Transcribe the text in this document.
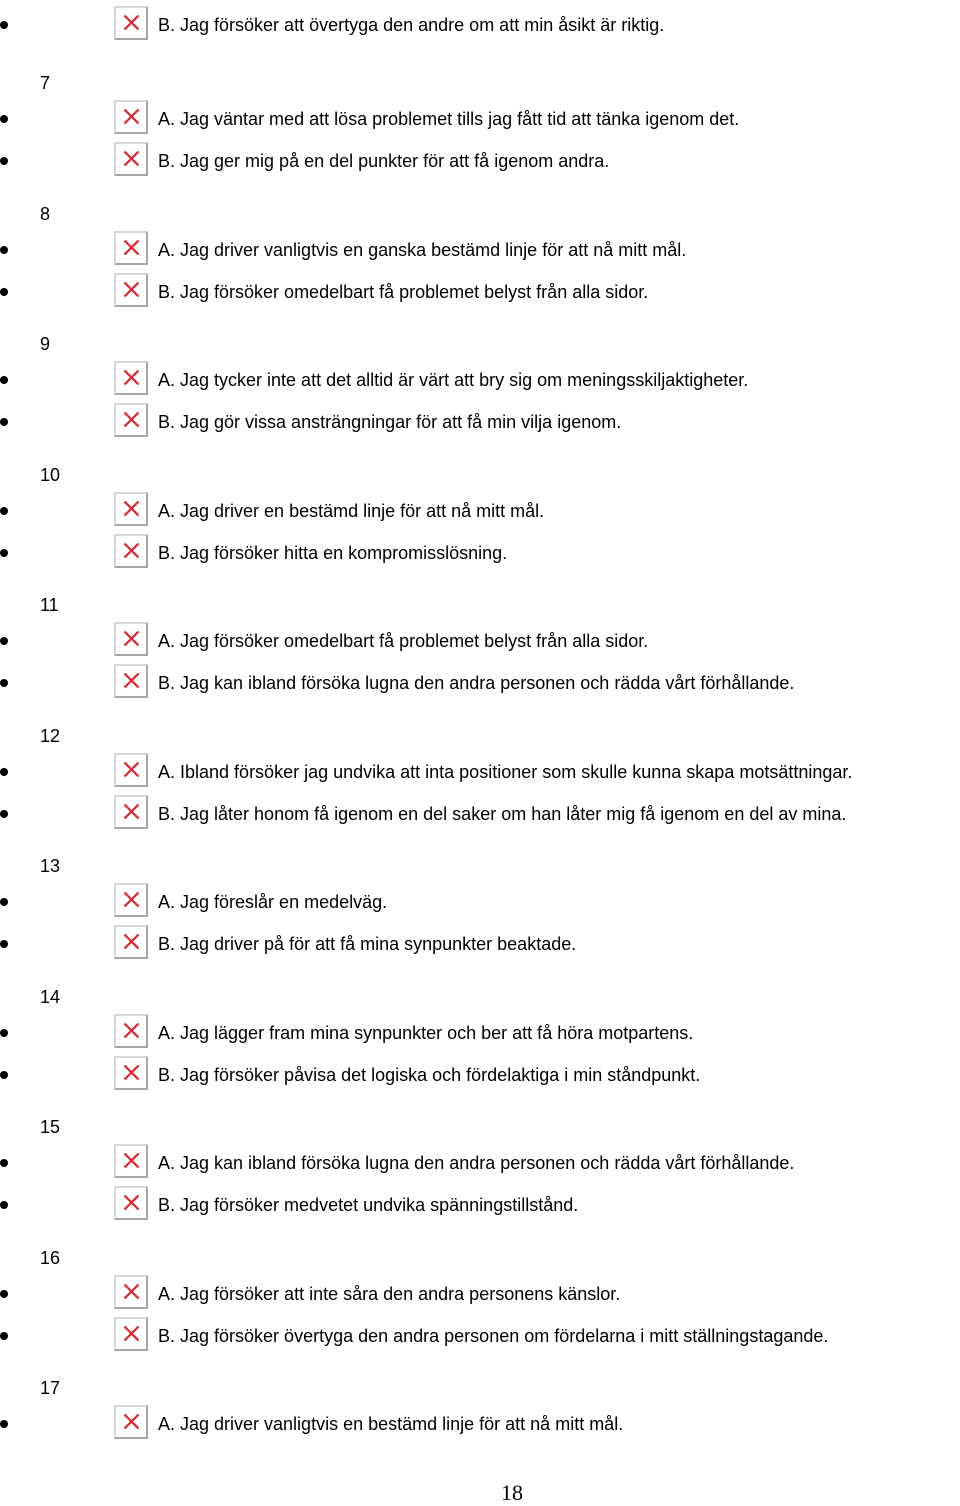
B. Jag försöker att övertyga den andre om att min åsikt är riktig.
7
A. Jag väntar med att lösa problemet tills jag fått tid att tänka igenom det.
B. Jag ger mig på en del punkter för att få igenom andra.
8
A. Jag driver vanligtvis en ganska bestämd linje för att nå mitt mål.
B. Jag försöker omedelbart få problemet belyst från alla sidor.
9
A. Jag tycker inte att det alltid är värt att bry sig om meningsskiljaktigheter.
B. Jag gör vissa ansträngningar för att få min vilja igenom.
10
A. Jag driver en bestämd linje för att nå mitt mål.
B. Jag försöker hitta en kompromisslösning.
11
A. Jag försöker omedelbart få problemet belyst från alla sidor.
B. Jag kan ibland försöka lugna den andra personen och rädda vårt förhållande.
12
A. Ibland försöker jag undvika att inta positioner som skulle kunna skapa motsättningar.
B. Jag låter honom få igenom en del saker om han låter mig få igenom en del av mina.
13
A. Jag föreslår en medelväg.
B. Jag driver på för att få mina synpunkter beaktade.
14
A. Jag lägger fram mina synpunkter och ber att få höra motpartens.
B. Jag försöker påvisa det logiska och fördelaktiga i min ståndpunkt.
15
A. Jag kan ibland försöka lugna den andra personen och rädda vårt förhållande.
B. Jag försöker medvetet undvika spänningstillstånd.
16
A. Jag försöker att inte såra den andra personens känslor.
B. Jag försöker övertyga den andra personen om fördelarna i mitt ställningstagande.
17
A. Jag driver vanligtvis en bestämd linje för att nå mitt mål.
18
